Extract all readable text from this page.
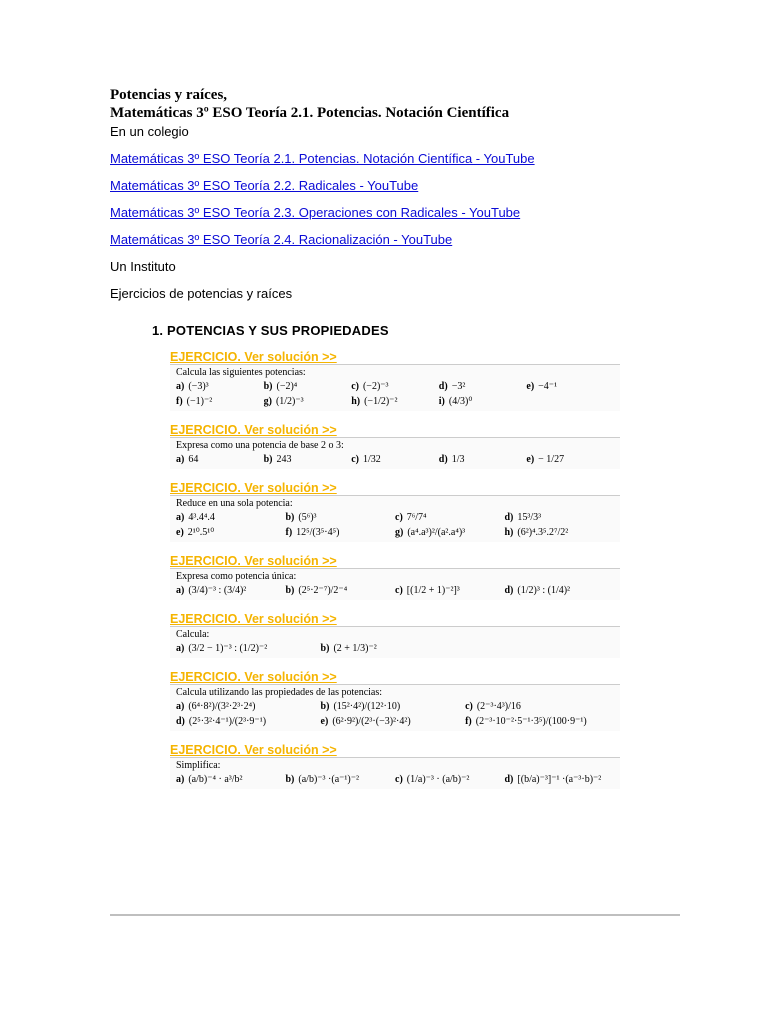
Potencias y raíces,
Matemáticas 3º ESO Teoría 2.1. Potencias. Notación Científica
En un colegio
Matemáticas 3º ESO Teoría 2.1. Potencias. Notación Científica - YouTube
Matemáticas 3º ESO Teoría 2.2. Radicales - YouTube
Matemáticas 3º ESO Teoría 2.3. Operaciones con Radicales - YouTube
Matemáticas 3º ESO Teoría 2.4. Racionalización - YouTube
Un Instituto
Ejercicios de potencias y raíces
1. POTENCIAS Y SUS PROPIEDADES
EJERCICIO. Ver solución >>
Calcula las siguientes potencias:
a) (−3)³	b) (−2)⁴	c) (−2)⁻³	d) −3²	e) −4⁻¹
f) (−1)⁻²	g) (1/2)⁻³	h) (−1/2)⁻²	i) (4/3)⁰
EJERCICIO. Ver solución >>
Expresa como una potencia de base 2 o 3:
a) 64	b) 243	c) 1/32	d) 1/3	e) − 1/27
EJERCICIO. Ver solución >>
Reduce en una sola potencia:
a) 4³.4⁴.4	b) (5⁶)³	c) 7⁶/7⁴	d) 15³/3³
e) 2¹⁰.5¹⁰	f) 12⁵/(3⁵·4⁵)	g) (a⁴.a³)²/(a².a⁴)³	h) (6²)⁴.3⁵.2⁷/2²
EJERCICIO. Ver solución >>
Expresa como potencia única:
a) (3/4)⁻³ : (3/4)²	b) (2⁵·2⁻⁷)/2⁻⁴	c) [(1/2 + 1)⁻²]³	d) (1/2)³ : (1/4)²
EJERCICIO. Ver solución >>
Calcula:
a) (3/2 − 1)⁻³ : (1/2)⁻²	b) (2 + 1/3)⁻²
EJERCICIO. Ver solución >>
Calcula utilizando las propiedades de las potencias:
a) (6⁴·8²)/(3²·2³·2⁴)	b) (15²·4²)/(12²·10)	c) (2⁻³·4³)/16
d) (2⁵·3²·4⁻¹)/(2³·9⁻¹)	e) (6²·9²)/(2³·(−3)²·4²)	f) (2⁻³·10⁻²·5⁻¹·3⁵)/(100·9⁻¹)
EJERCICIO. Ver solución >>
Simplifica:
a) (a/b)⁻⁴ · a³/b²	b) (a/b)⁻³ ·(a⁻¹)⁻²	c) (1/a)⁻³ · (a/b)⁻²	d) [(b/a)⁻³]⁻¹ ·(a⁻³·b)⁻²
